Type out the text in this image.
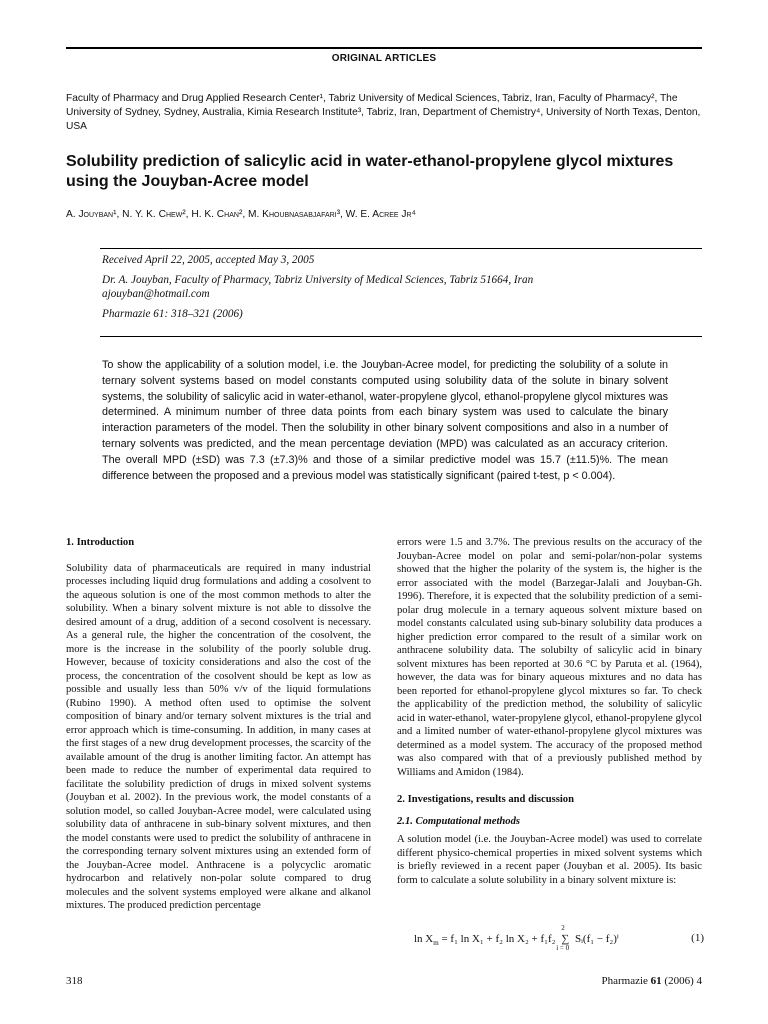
ORIGINAL ARTICLES
Faculty of Pharmacy and Drug Applied Research Center¹, Tabriz University of Medical Sciences, Tabriz, Iran, Faculty of Pharmacy², The University of Sydney, Sydney, Australia, Kimia Research Institute³, Tabriz, Iran, Department of Chemistry⁴, University of North Texas, Denton, USA
Solubility prediction of salicylic acid in water-ethanol-propylene glycol mixtures using the Jouyban-Acree model
A. Jouyban¹, N. Y. K. Chew², H. K. Chan², M. Khoubnasabjafari³, W. E. Acree Jr⁴

Received April 22, 2005, accepted May 3, 2005

Dr. A. Jouyban, Faculty of Pharmacy, Tabriz University of Medical Sciences, Tabriz 51664, Iran

ajouyban@hotmail.com

Pharmazie 61: 318–321 (2006)

To show the applicability of a solution model, i.e. the Jouyban-Acree model, for predicting the solubility of a solute in ternary solvent systems based on model constants computed using solubility data of the solute in binary solvent systems, the solubility of salicylic acid in water-ethanol, water-propylene glycol, ethanol-propylene glycol mixtures was determined. A minimum number of three data points from each binary system was used to calculate the binary interaction parameters of the model. Then the solubility in other binary solvent compositions and also in a number of ternary solvents was predicted, and the mean percentage deviation (MPD) was calculated as an accuracy criterion. The overall MPD (±SD) was 7.3 (±7.3)% and those of a similar predictive model was 15.7 (±11.5)%. The mean difference between the proposed and a previous model was statistically significant (paired t-test, p < 0.004).

1. Introduction

Solubility data of pharmaceuticals are required in many industrial processes including liquid drug formulations and adding a cosolvent to the aqueous solution is one of the most common methods to alter the solubility. When a binary solvent mixture is not able to dissolve the desired amount of a drug, addition of a second cosolvent is necessary. As a general rule, the higher the concentration of the cosolvent, the more is the increase in the solubility of the poorly soluble drug. However, because of toxicity considerations and also the cost of the process, the concentration of the cosolvent should be kept as low as possible and usually less than 50% v/v of the liquid formulations (Rubino 1990). A method often used to optimise the solvent composition of binary and/or ternary solvent mixtures is the trial and error approach which is time-consuming. In addition, in many cases at the first stages of a new drug development processes, the scarcity of the available amount of the drug is another limiting factor. An attempt has been made to reduce the number of experimental data required to facilitate the solubility prediction of drugs in mixed solvent systems (Jouyban et al. 2002). In the previous work, the model constants of a solution model, so called Jouyban-Acree model, were calculated using solubility data of anthracene in sub-binary solvent mixtures, and then the model constants were used to predict the solubility of anthracene in the corresponding ternary solvent mixtures using an extended form of the Jouyban-Acree model. Anthracene is a polycyclic aromatic hydrocarbon and relatively non-polar solute compared to drug molecules and the solvent systems employed were alkane and alkanol mixtures. The produced prediction percentage

errors were 1.5 and 3.7%. The previous results on the accuracy of the Jouyban-Acree model on polar and semi-polar/non-polar systems showed that the higher the polarity of the system is, the higher is the error associated with the model (Barzegar-Jalali and Jouyban-Gh. 1996). Therefore, it is expected that the solubility prediction of a semi-polar drug molecule in a ternary aqueous solvent mixture based on model constants calculated using sub-binary solubility data produces a higher prediction error compared to the result of a similar work on anthracene solubility data. The solubilty of salicylic acid in binary solvent mixtures has been reported at 30.6 °C by Paruta et al. (1964), however, the data was for binary aqueous mixtures and no data has been reported for ethanol-propylene glycol mixtures so far. To check the applicability of the prediction method, the solubility of salicylic acid in water-ethanol, water-propylene glycol, ethanol-propylene glycol and a limited number of water-ethanol-propylene glycol mixtures was determined as a model system. The accuracy of the proposed method was also compared with that of a previously published method by Williams and Amidon (1984).

2. Investigations, results and discussion

2.1. Computational methods

A solution model (i.e. the Jouyban-Acree model) was used to correlate different physico-chemical properties in mixed solvent systems which is briefly reviewed in a recent paper (Jouyban et al. 2005). Its basic form to calculate a solute solubility in a binary solvent mixture is:

$\ln X_m = f_1$ ln X₁ + f₂ ln X₂ + f₁f₂ ∑
2
i = 0
Sᵢ(f₁ − f₂)ⁱ	(1)
318	Pharmazie 61 (2006) 4
